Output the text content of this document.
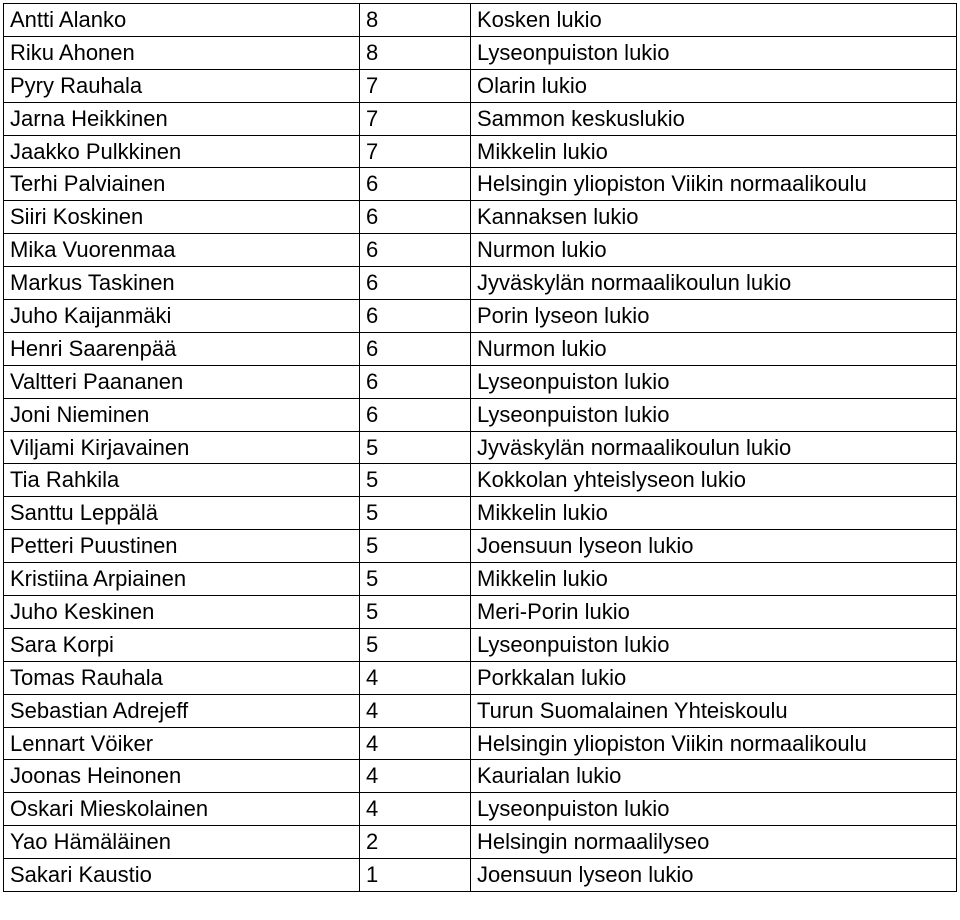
Antti Alanko	8	Kosken lukio
Riku Ahonen	8	Lyseonpuiston lukio
Pyry Rauhala	7	Olarin lukio
Jarna Heikkinen	7	Sammon keskuslukio
Jaakko Pulkkinen	7	Mikkelin lukio
Terhi Palviainen	6	Helsingin yliopiston Viikin normaalikoulu
Siiri Koskinen	6	Kannaksen lukio
Mika Vuorenmaa	6	Nurmon lukio
Markus Taskinen	6	Jyväskylän normaalikoulun lukio
Juho Kaijanmäki	6	Porin lyseon lukio
Henri Saarenpää	6	Nurmon lukio
Valtteri Paananen	6	Lyseonpuiston lukio
Joni Nieminen	6	Lyseonpuiston lukio
Viljami Kirjavainen	5	Jyväskylän normaalikoulun lukio
Tia Rahkila	5	Kokkolan yhteislyseon lukio
Santtu Leppälä	5	Mikkelin lukio
Petteri Puustinen	5	Joensuun lyseon lukio
Kristiina Arpiainen	5	Mikkelin lukio
Juho Keskinen	5	Meri-Porin lukio
Sara Korpi	5	Lyseonpuiston lukio
Tomas Rauhala	4	Porkkalan lukio
Sebastian Adrejeff	4	Turun Suomalainen Yhteiskoulu
Lennart Vöiker	4	Helsingin yliopiston Viikin normaalikoulu
Joonas Heinonen	4	Kaurialan lukio
Oskari Mieskolainen	4	Lyseonpuiston lukio
Yao Hämäläinen	2	Helsingin normaalilyseo
Sakari Kaustio	1	Joensuun lyseon lukio
